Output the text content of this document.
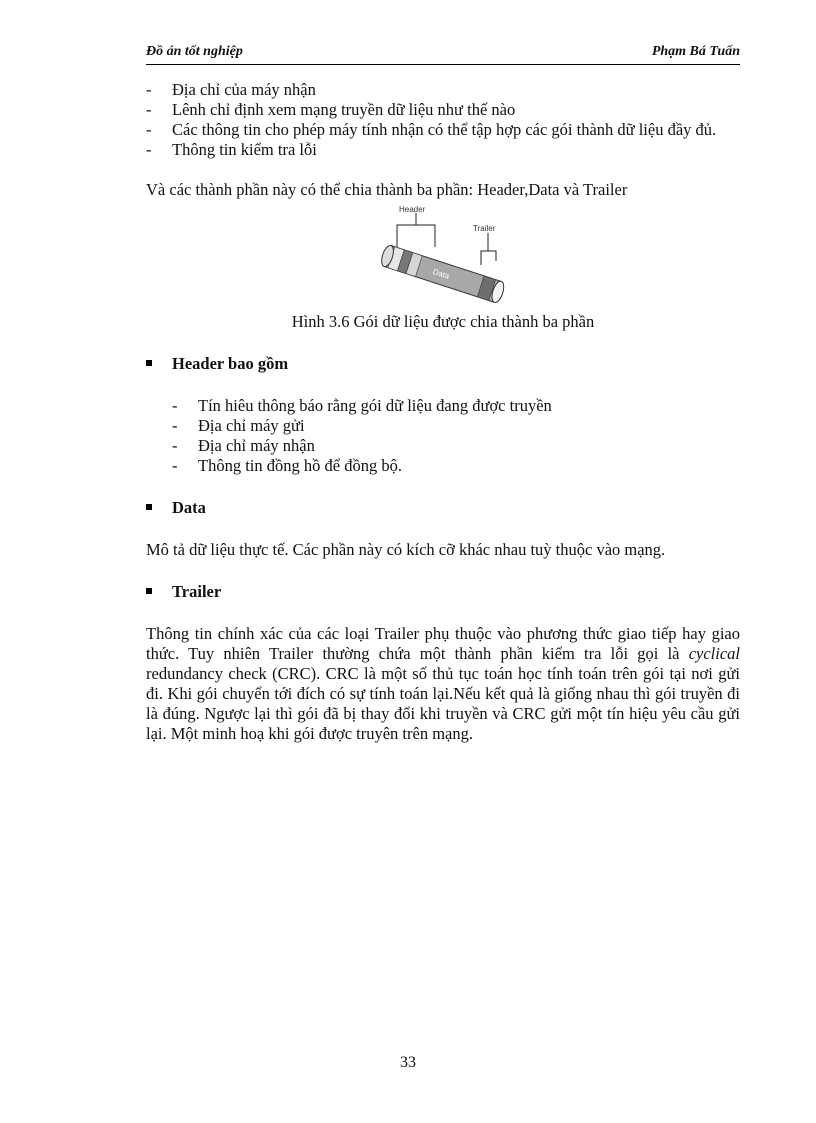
Đồ án tốt nghiệp	Phạm Bá Tuấn
- Địa chỉ của máy nhận
- Lênh chỉ định xem mạng truyền dữ liệu như thế nào
- Các thông tin cho phép máy tính nhận có thể tập hợp các gói thành dữ liệu đầy đủ.
- Thông tin kiểm tra lỗi

Và các thành phần này có thể chia thành ba phần: Header,Data và Trailer

Header
Trailer
Data

Hình 3.6 Gói dữ liệu được chia thành ba phần

Header bao gồm
- Tín hiêu thông báo rằng gói dữ liệu đang được truyền
- Địa chỉ máy gửi
- Địa chỉ máy nhận
- Thông tin đồng hồ để đồng bộ.
Data

Mô tả dữ liệu thực tế. Các phần này có kích cỡ khác nhau tuỳ thuộc vào mạng.

Trailer

Thông tin chính xác của các loại Trailer phụ thuộc vào phương thức giao tiếp hay giao thức. Tuy nhiên Trailer thường chứa một thành phần kiểm tra lỗi gọi là cyclical redundancy check (CRC). CRC là một số thủ tục toán học tính toán trên gói tại nơi gửi đi. Khi gói chuyển tới đích có sự tính toán lại.Nếu kết quả là giống nhau thì gói truyền đi là đúng. Ngược lại thì gói đã bị thay đổi khi truyền và CRC gửi một tín hiệu yêu cầu gửi lại. Một minh hoạ khi gói được truyên trên mạng.

33
